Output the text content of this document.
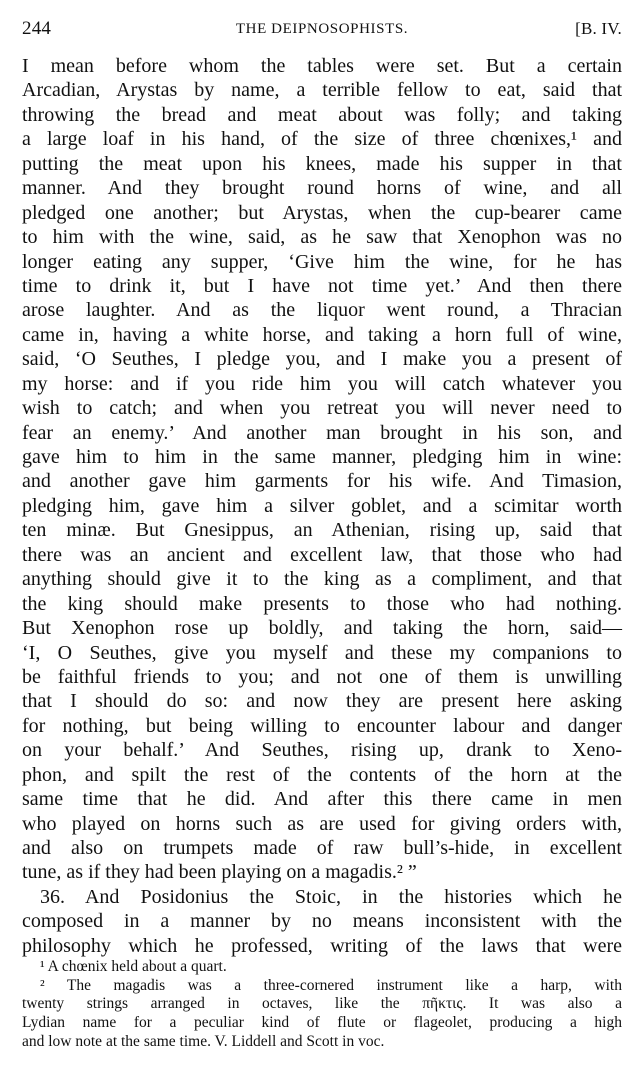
244	THE DEIPNOSOPHISTS.	[B. IV.
I mean before whom the tables were set. But a certain
Arcadian, Arystas by name, a terrible fellow to eat, said that
throwing the bread and meat about was folly; and taking
a large loaf in his hand, of the size of three chœnixes,¹ and
putting the meat upon his knees, made his supper in that
manner. And they brought round horns of wine, and all
pledged one another; but Arystas, when the cup-bearer came
to him with the wine, said, as he saw that Xenophon was no
longer eating any supper, ‘Give him the wine, for he has
time to drink it, but I have not time yet.’ And then there
arose laughter. And as the liquor went round, a Thracian
came in, having a white horse, and taking a horn full of wine,
said, ‘O Seuthes, I pledge you, and I make you a present of
my horse: and if you ride him you will catch whatever you
wish to catch; and when you retreat you will never need to
fear an enemy.’ And another man brought in his son, and
gave him to him in the same manner, pledging him in wine:
and another gave him garments for his wife. And Timasion,
pledging him, gave him a silver goblet, and a scimitar worth
ten minæ. But Gnesippus, an Athenian, rising up, said that
there was an ancient and excellent law, that those who had
anything should give it to the king as a compliment, and that
the king should make presents to those who had nothing.
But Xenophon rose up boldly, and taking the horn, said—
‘I, O Seuthes, give you myself and these my companions to
be faithful friends to you; and not one of them is unwilling
that I should do so: and now they are present here asking
for nothing, but being willing to encounter labour and danger
on your behalf.’ And Seuthes, rising up, drank to Xeno-
phon, and spilt the rest of the contents of the horn at the
same time that he did. And after this there came in men
who played on horns such as are used for giving orders with,
and also on trumpets made of raw bull’s-hide, in excellent
tune, as if they had been playing on a magadis.² ”
36. And Posidonius the Stoic, in the histories which he
composed in a manner by no means inconsistent with the
philosophy which he professed, writing of the laws that were
¹ A chœnix held about a quart.
² The magadis was a three-cornered instrument like a harp, with
twenty strings arranged in octaves, like the πῆκτις. It was also a
Lydian name for a peculiar kind of flute or flageolet, producing a high
and low note at the same time. V. Liddell and Scott in voc.
